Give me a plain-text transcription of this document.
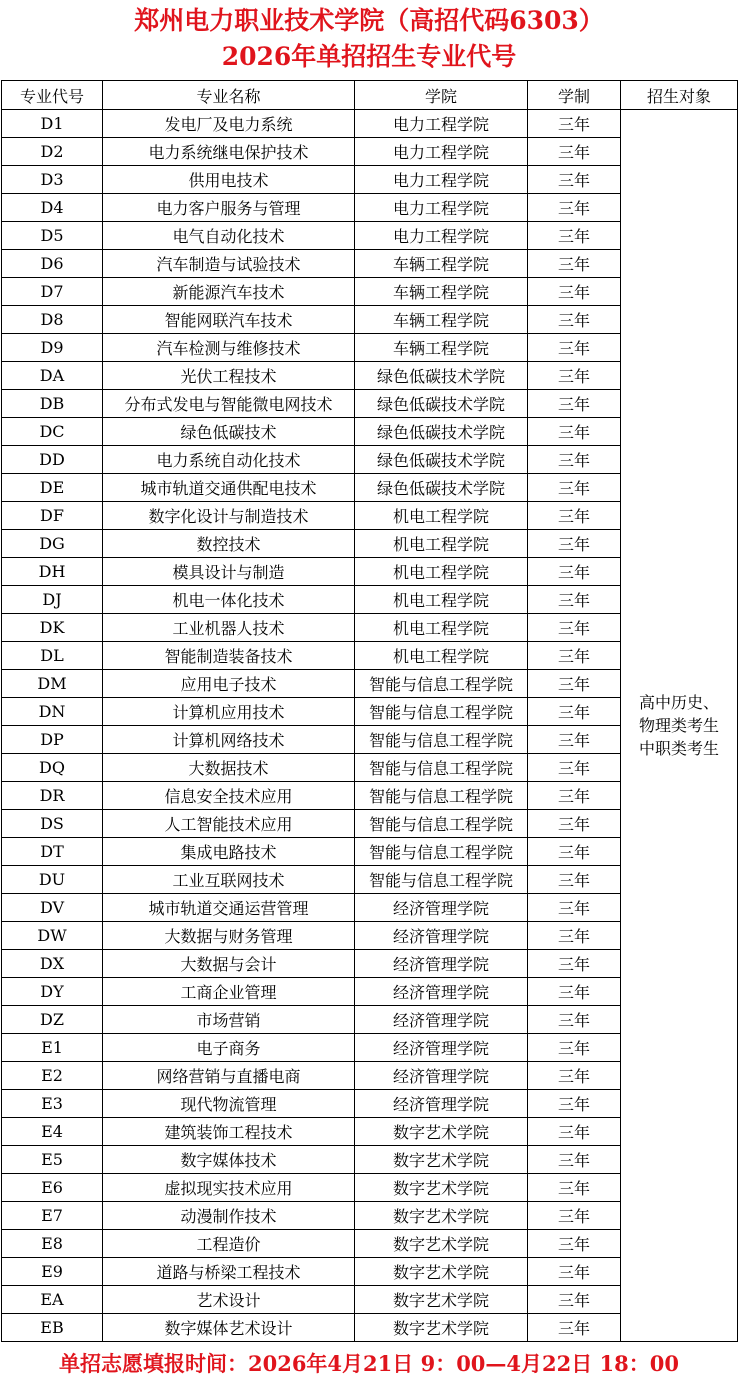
郑州电力职业技术学院（高招代码6303）
2026年单招招生专业代号
专业代号	专业名称	学院	学制	招生对象
D1	发电厂及电力系统	电力工程学院	三年	高中历史、
物理类考生
中职类考生

D2	电力系统继电保护技术	电力工程学院	三年	
D3	供用电技术	电力工程学院	三年	
D4	电力客户服务与管理	电力工程学院	三年	
D5	电气自动化技术	电力工程学院	三年	
D6	汽车制造与试验技术	车辆工程学院	三年	
D7	新能源汽车技术	车辆工程学院	三年	
D8	智能网联汽车技术	车辆工程学院	三年	
D9	汽车检测与维修技术	车辆工程学院	三年	
DA	光伏工程技术	绿色低碳技术学院	三年	
DB	分布式发电与智能微电网技术	绿色低碳技术学院	三年	
DC	绿色低碳技术	绿色低碳技术学院	三年	
DD	电力系统自动化技术	绿色低碳技术学院	三年	
DE	城市轨道交通供配电技术	绿色低碳技术学院	三年	
DF	数字化设计与制造技术	机电工程学院	三年	
DG	数控技术	机电工程学院	三年	
DH	模具设计与制造	机电工程学院	三年	
DJ	机电一体化技术	机电工程学院	三年	
DK	工业机器人技术	机电工程学院	三年	
DL	智能制造装备技术	机电工程学院	三年	
DM	应用电子技术	智能与信息工程学院	三年	
DN	计算机应用技术	智能与信息工程学院	三年	
DP	计算机网络技术	智能与信息工程学院	三年	
DQ	大数据技术	智能与信息工程学院	三年	
DR	信息安全技术应用	智能与信息工程学院	三年	
DS	人工智能技术应用	智能与信息工程学院	三年	
DT	集成电路技术	智能与信息工程学院	三年	
DU	工业互联网技术	智能与信息工程学院	三年	
DV	城市轨道交通运营管理	经济管理学院	三年	
DW	大数据与财务管理	经济管理学院	三年	
DX	大数据与会计	经济管理学院	三年	
DY	工商企业管理	经济管理学院	三年	
DZ	市场营销	经济管理学院	三年	
E1	电子商务	经济管理学院	三年	
E2	网络营销与直播电商	经济管理学院	三年	
E3	现代物流管理	经济管理学院	三年	
E4	建筑装饰工程技术	数字艺术学院	三年	
E5	数字媒体技术	数字艺术学院	三年	
E6	虚拟现实技术应用	数字艺术学院	三年	
E7	动漫制作技术	数字艺术学院	三年	
E8	工程造价	数字艺术学院	三年	
E9	道路与桥梁工程技术	数字艺术学院	三年	
EA	艺术设计	数字艺术学院	三年	
EB	数字媒体艺术设计	数字艺术学院	三年	
单招志愿填报时间：2026年4月21日 9：00—4月22日 18：00
